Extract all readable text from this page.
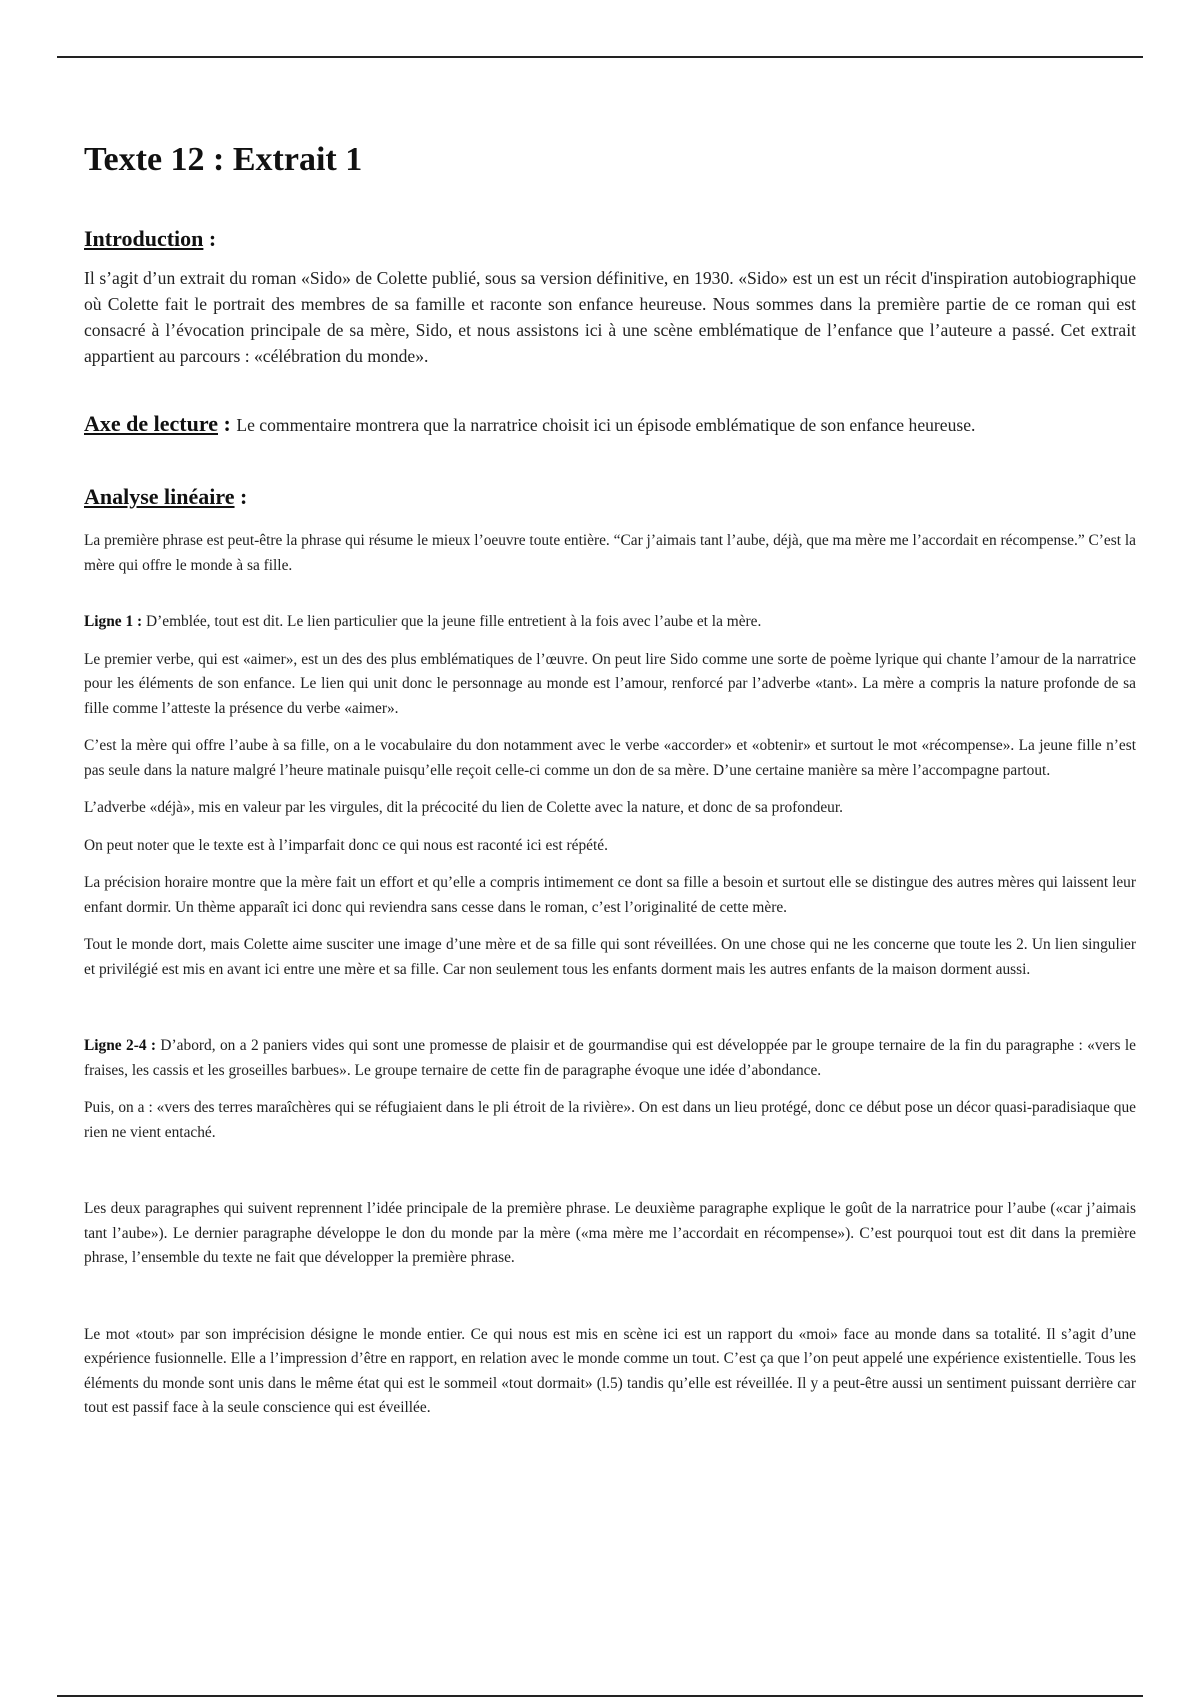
Texte 12 : Extrait 1
Introduction :

Il s’agit d’un extrait du roman «Sido» de Colette publié, sous sa version définitive, en 1930. «Sido» est un est un récit d'inspiration autobiographique où Colette fait le portrait des membres de sa famille et raconte son enfance heureuse. Nous sommes dans la première partie de ce roman qui est consacré à l’évocation principale de sa mère, Sido, et nous assistons ici à une scène emblématique de l’enfance que l’auteure a passé. Cet extrait appartient au parcours : «célébration du monde».

Axe de lecture : Le commentaire montrera que la narratrice choisit ici un épisode emblématique de son enfance heureuse.
Analyse linéaire :

La première phrase est peut-être la phrase qui résume le mieux l’oeuvre toute entière. “Car j’aimais tant l’aube, déjà, que ma mère me l’accordait en récompense.” C’est la mère qui offre le monde à sa fille.

Ligne 1 : D’emblée, tout est dit. Le lien particulier que la jeune fille entretient à la fois avec l’aube et la mère.

Le premier verbe, qui est «aimer», est un des des plus emblématiques de l’œuvre. On peut lire Sido comme une sorte de poème lyrique qui chante l’amour de la narratrice pour les éléments de son enfance. Le lien qui unit donc le personnage au monde est l’amour, renforcé par l’adverbe «tant». La mère a compris la nature profonde de sa fille comme l’atteste la présence du verbe «aimer».

C’est la mère qui offre l’aube à sa fille, on a le vocabulaire du don notamment avec le verbe «accorder» et «obtenir» et surtout le mot «récompense». La jeune fille n’est pas seule dans la nature malgré l’heure matinale puisqu’elle reçoit celle-ci comme un don de sa mère. D’une certaine manière sa mère l’accompagne partout.

L’adverbe «déjà», mis en valeur par les virgules, dit la précocité du lien de Colette avec la nature, et donc de sa profondeur.

On peut noter que le texte est à l’imparfait donc ce qui nous est raconté ici est répété.

La précision horaire montre que la mère fait un effort et qu’elle a compris intimement ce dont sa fille a besoin et surtout elle se distingue des autres mères qui laissent leur enfant dormir. Un thème apparaît ici donc qui reviendra sans cesse dans le roman, c’est l’originalité de cette mère.

Tout le monde dort, mais Colette aime susciter une image d’une mère et de sa fille qui sont réveillées. On une chose qui ne les concerne que toute les 2. Un lien singulier et privilégié est mis en avant ici entre une mère et sa fille. Car non seulement tous les enfants dorment mais les autres enfants de la maison dorment aussi.

Ligne 2-4 : D’abord, on a 2 paniers vides qui sont une promesse de plaisir et de gourmandise qui est développée par le groupe ternaire de la fin du paragraphe : «vers le fraises, les cassis et les groseilles barbues». Le groupe ternaire de cette fin de paragraphe évoque une idée d’abondance.

Puis, on a : «vers des terres maraîchères qui se réfugiaient dans le pli étroit de la rivière». On est dans un lieu protégé, donc ce début pose un décor quasi-paradisiaque que rien ne vient entaché.

Les deux paragraphes qui suivent reprennent l’idée principale de la première phrase. Le deuxième paragraphe explique le goût de la narratrice pour l’aube («car j’aimais tant l’aube»). Le dernier paragraphe développe le don du monde par la mère («ma mère me l’accordait en récompense»). C’est pourquoi tout est dit dans la première phrase, l’ensemble du texte ne fait que développer la première phrase.

Le mot «tout» par son imprécision désigne le monde entier. Ce qui nous est mis en scène ici est un rapport du «moi» face au monde dans sa totalité. Il s’agit d’une expérience fusionnelle. Elle a l’impression d’être en rapport, en relation avec le monde comme un tout. C’est ça que l’on peut appelé une expérience existentielle. Tous les éléments du monde sont unis dans le même état qui est le sommeil «tout dormait» (l.5) tandis qu’elle est réveillée. Il y a peut-être aussi un sentiment puissant derrière car tout est passif face à la seule conscience qui est éveillée.
